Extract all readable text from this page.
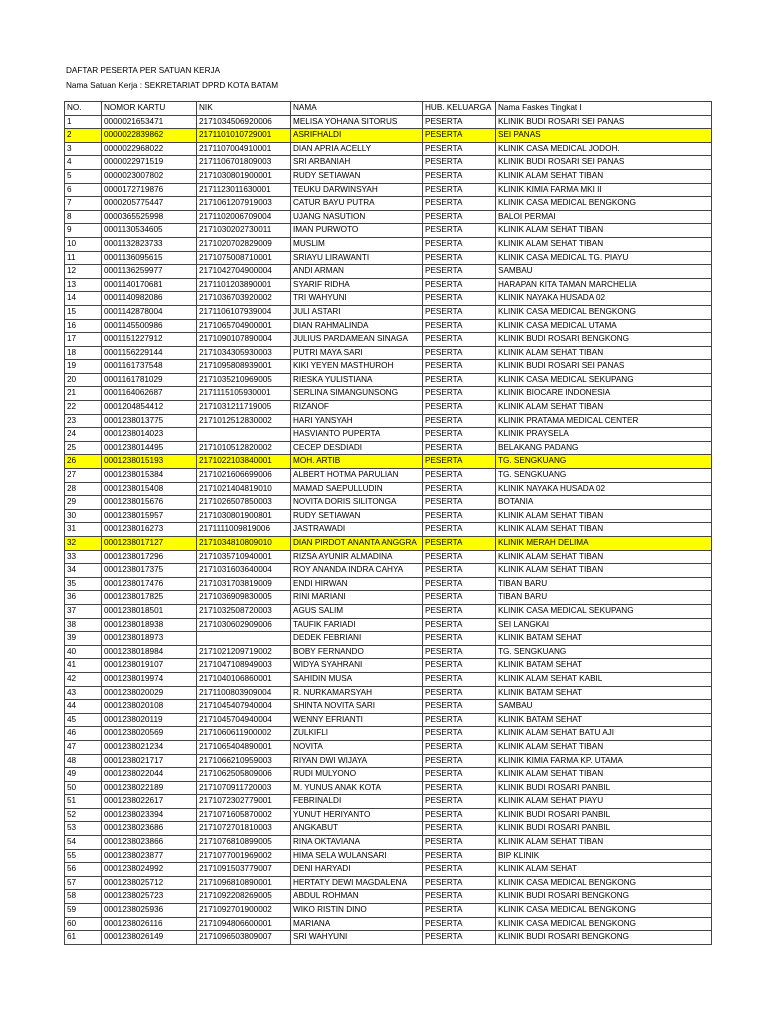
DAFTAR PESERTA PER SATUAN KERJA
Nama Satuan Kerja : SEKRETARIAT DPRD KOTA BATAM
NO.	NOMOR KARTU	NIK	NAMA	HUB. KELUARGA	Nama Faskes Tingkat I
1	0000021653471	2171034506920006	MELISA YOHANA SITORUS	PESERTA	KLINIK BUDI ROSARI SEI PANAS
2	0000022839862	2171101010729001	ASRIFHALDI	PESERTA	SEI PANAS
3	0000022968022	2171107004910001	DIAN APRIA ACELLY	PESERTA	KLINIK CASA MEDICAL JODOH.
4	0000022971519	2171106701809003	SRI ARBANIAH	PESERTA	KLINIK BUDI ROSARI SEI PANAS
5	0000023007802	2171030801900001	RUDY SETIAWAN	PESERTA	KLINIK ALAM SEHAT TIBAN
6	0000172719876	2171123011630001	TEUKU DARWINSYAH	PESERTA	KLINIK KIMIA FARMA MKI II
7	0000205775447	2171061207919003	CATUR BAYU PUTRA	PESERTA	KLINIK CASA MEDICAL BENGKONG
8	0000365525998	2171102006709004	UJANG NASUTION	PESERTA	BALOI PERMAI
9	0001130534605	2171030202730011	IMAN PURWOTO	PESERTA	KLINIK ALAM SEHAT TIBAN
10	0001132823733	2171020702829009	MUSLIM	PESERTA	KLINIK ALAM SEHAT TIBAN
11	0001136095615	2171075008710001	SRIAYU LIRAWANTI	PESERTA	KLINIK CASA MEDICAL TG. PIAYU
12	0001136259977	2171042704900004	ANDI ARMAN	PESERTA	SAMBAU
13	0001140170681	2171101203890001	SYARIF RIDHA	PESERTA	HARAPAN KITA TAMAN MARCHELIA
14	0001140982086	2171036703920002	TRI WAHYUNI	PESERTA	KLINIK NAYAKA HUSADA 02
15	0001142878004	2171106107939004	JULI ASTARI	PESERTA	KLINIK CASA MEDICAL BENGKONG
16	0001145500986	2171065704900001	DIAN RAHMALINDA	PESERTA	KLINIK CASA MEDICAL UTAMA
17	0001151227912	2171090107890004	JULIUS PARDAMEAN SINAGA	PESERTA	KLINIK BUDI ROSARI BENGKONG
18	0001156229144	2171034305930003	PUTRI MAYA SARI	PESERTA	KLINIK ALAM SEHAT TIBAN
19	0001161737548	2171095808939001	KIKI YEYEN MASTHUROH	PESERTA	KLINIK BUDI ROSARI SEI PANAS
20	0001161781029	2171035210969005	RIESKA YULISTIANA	PESERTA	KLINIK CASA MEDICAL SEKUPANG
21	0001164062687	2171115105930001	SERLINA SIMANGUNSONG	PESERTA	KLINIK BIOCARE INDONESIA
22	0001204854412	2171031211719005	RIZANOF	PESERTA	KLINIK ALAM SEHAT TIBAN
23	0001238013775	2171012512830002	HARI YANSYAH	PESERTA	KLINIK PRATAMA MEDICAL CENTER
24	0001238014023		HASVIANTO PUPERTA	PESERTA	KLINIK PRAYSELA
25	0001238014495	2171010512820002	CECEP DESDIADI	PESERTA	BELAKANG PADANG
26	0001238015193	2171022103840001	MOH. ARTIB	PESERTA	TG. SENGKUANG
27	0001238015384	2171021606699006	ALBERT HOTMA PARULIAN	PESERTA	TG. SENGKUANG
28	0001238015408	2171021404819010	MAMAD SAEPULLUDIN	PESERTA	KLINIK NAYAKA HUSADA 02
29	0001238015676	2171026507850003	NOVITA DORIS SILITONGA	PESERTA	BOTANIA
30	0001238015957	2171030801900801	RUDY SETIAWAN	PESERTA	KLINIK ALAM SEHAT TIBAN
31	0001238016273	2171111009819006	JASTRAWADI	PESERTA	KLINIK ALAM SEHAT TIBAN
32	0001238017127	2171034810809010	DIAN PIRDOT ANANTA ANGGRA	PESERTA	KLINIK MERAH DELIMA
33	0001238017296	2171035710940001	RIZSA AYUNIR ALMADINA	PESERTA	KLINIK ALAM SEHAT TIBAN
34	0001238017375	2171031603640004	ROY ANANDA INDRA CAHYA	PESERTA	KLINIK ALAM SEHAT TIBAN
35	0001238017476	2171031703819009	ENDI HIRWAN	PESERTA	TIBAN BARU
36	0001238017825	2171036909830005	RINI MARIANI	PESERTA	TIBAN BARU
37	0001238018501	2171032508720003	AGUS SALIM	PESERTA	KLINIK CASA MEDICAL SEKUPANG
38	0001238018938	2171030602909006	TAUFIK FARIADI	PESERTA	SEI LANGKAI
39	0001238018973		DEDEK FEBRIANI	PESERTA	KLINIK BATAM SEHAT
40	0001238018984	2171021209719002	BOBY FERNANDO	PESERTA	TG. SENGKUANG
41	0001238019107	2171047108949003	WIDYA SYAHRANI	PESERTA	KLINIK BATAM SEHAT
42	0001238019974	2171040106860001	SAHIDIN MUSA	PESERTA	KLINIK ALAM SEHAT KABIL
43	0001238020029	2171100803909004	R. NURKAMARSYAH	PESERTA	KLINIK BATAM SEHAT
44	0001238020108	2171045407940004	SHINTA NOVITA SARI	PESERTA	SAMBAU
45	0001238020119	2171045704940004	WENNY EFRIANTI	PESERTA	KLINIK BATAM SEHAT
46	0001238020569	2171060611900002	ZULKIFLI	PESERTA	KLINIK ALAM SEHAT BATU AJI
47	0001238021234	2171065404890001	NOVITA	PESERTA	KLINIK ALAM SEHAT TIBAN
48	0001238021717	2171066210959003	RIYAN DWI WIJAYA	PESERTA	KLINIK KIMIA FARMA KP. UTAMA
49	0001238022044	2171062505809006	RUDI MULYONO	PESERTA	KLINIK ALAM SEHAT TIBAN
50	0001238022189	2171070911720003	M. YUNUS ANAK KOTA	PESERTA	KLINIK BUDI ROSARI PANBIL
51	0001238022617	2171072302779001	FEBRINALDI	PESERTA	KLINIK ALAM SEHAT PIAYU
52	0001238023394	2171071605870002	YUNUT HERIYANTO	PESERTA	KLINIK BUDI ROSARI PANBIL
53	0001238023686	2171072701810003	ANGKABUT	PESERTA	KLINIK BUDI ROSARI PANBIL
54	0001238023866	2171076810899005	RINA OKTAVIANA	PESERTA	KLINIK ALAM SEHAT TIBAN
55	0001238023877	2171077001969002	HIMA SELA WULANSARI	PESERTA	BIP KLINIK
56	0001238024992	2171091503779007	DENI HARYADI	PESERTA	KLINIK ALAM SEHAT
57	0001238025712	2171096810890001	HERTATY DEWI MAGDALENA	PESERTA	KLINIK CASA MEDICAL BENGKONG
58	0001238025723	2171092208269005	ABDUL ROHMAN	PESERTA	KLINIK BUDI ROSARI BENGKONG
59	0001238025936	2171092701900002	WIKO RISTIN DINO	PESERTA	KLINIK CASA MEDICAL BENGKONG
60	0001238026116	2171094806600001	MARIANA	PESERTA	KLINIK CASA MEDICAL BENGKONG
61	0001238026149	2171096503809007	SRI WAHYUNI	PESERTA	KLINIK BUDI ROSARI BENGKONG
